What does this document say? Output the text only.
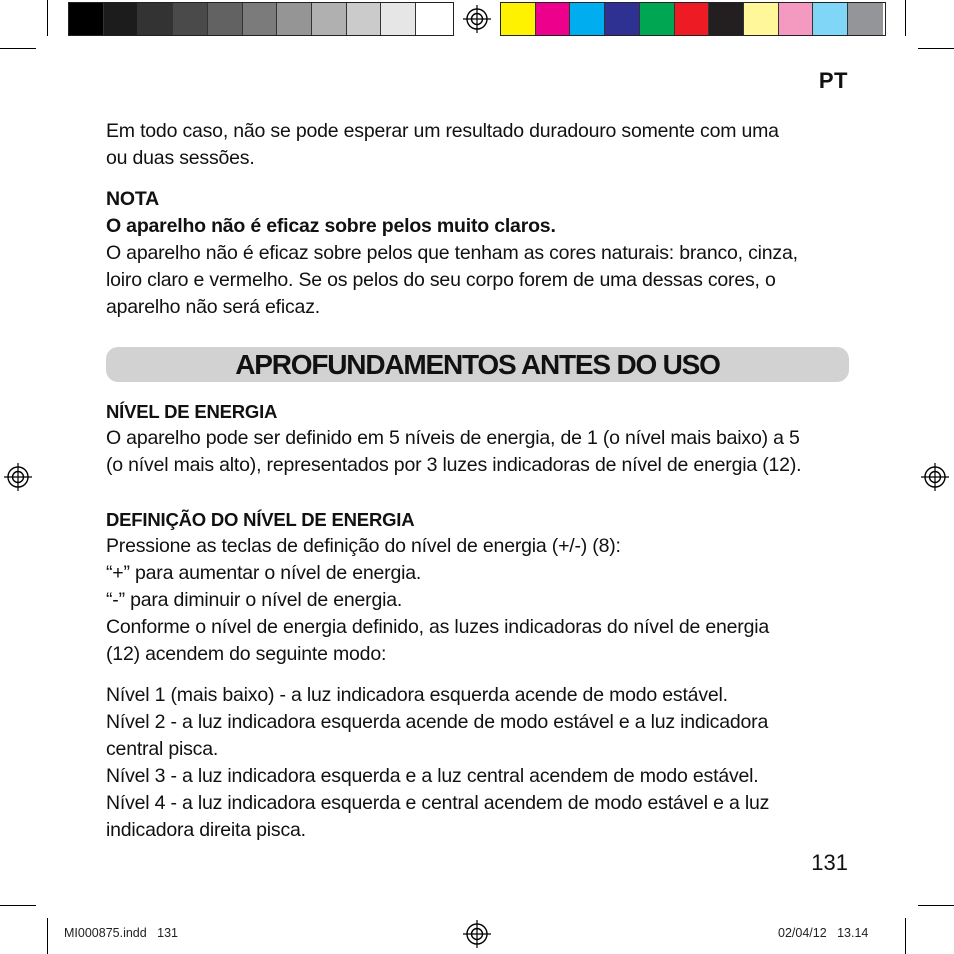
PT
Em todo caso, não se pode esperar um resultado duradouro somente com uma
ou duas sessões.
NOTA
O aparelho não é eficaz sobre pelos muito claros.
O aparelho não é eficaz sobre pelos que tenham as cores naturais: branco, cinza,
loiro claro e vermelho. Se os pelos do seu corpo forem de uma dessas cores, o
aparelho não será eficaz.
APROFUNDAMENTOS ANTES DO USO
NÍVEL DE ENERGIA
O aparelho pode ser definido em 5 níveis de energia, de 1 (o nível mais baixo) a 5
(o nível mais alto), representados por 3 luzes indicadoras de nível de energia (12).
DEFINIÇÃO DO NÍVEL DE ENERGIA
Pressione as teclas de definição do nível de energia (+/-) (8):
“+” para aumentar o nível de energia.
“-” para diminuir o nível de energia.
Conforme o nível de energia definido, as luzes indicadoras do nível de energia
(12) acendem do seguinte modo:
Nível 1 (mais baixo) - a luz indicadora esquerda acende de modo estável.
Nível 2 - a luz indicadora esquerda acende de modo estável e a luz indicadora
central pisca.
Nível 3 - a luz indicadora esquerda e a luz central acendem de modo estável.
Nível 4 - a luz indicadora esquerda e central acendem de modo estável e a luz
indicadora direita pisca.
131
MI000875.indd   131	02/04/12   13.14
